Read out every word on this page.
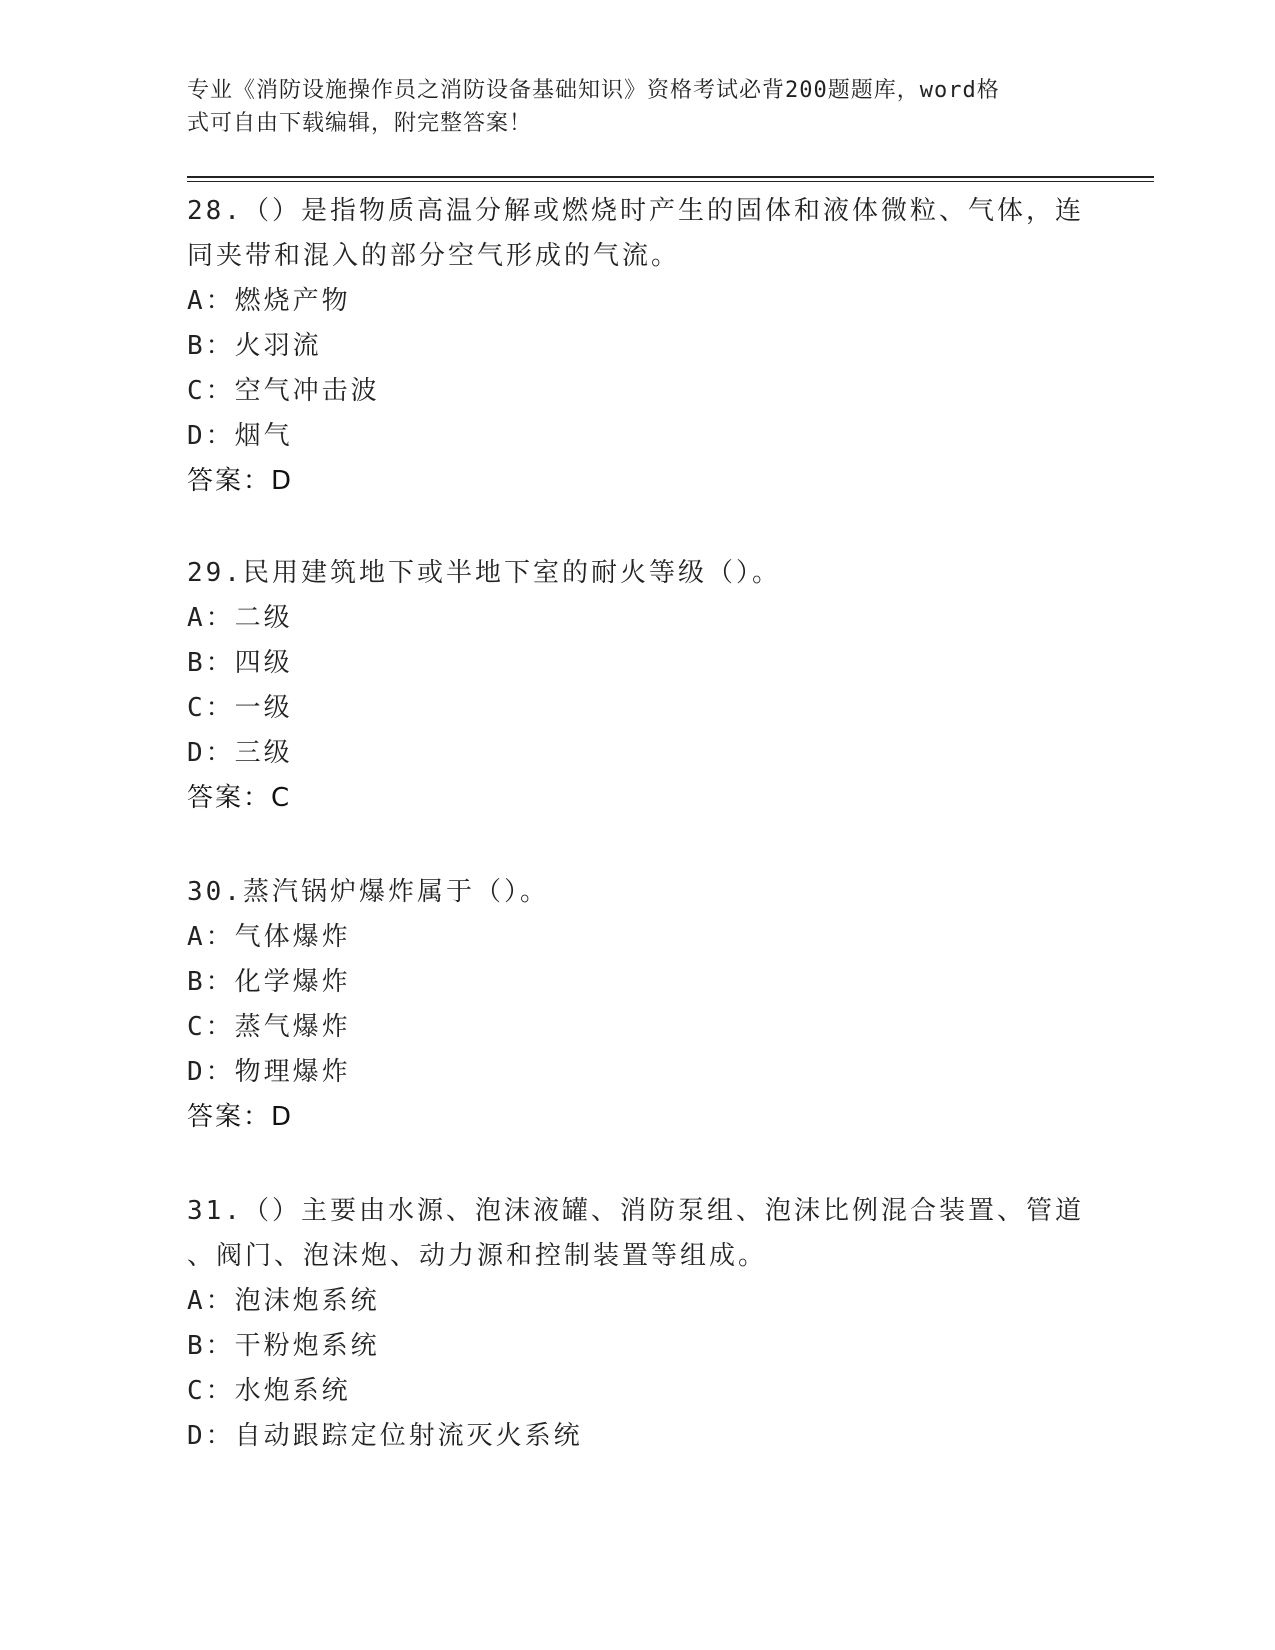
专业《消防设施操作员之消防设备基础知识》资格考试必背200题题库，word格
式可自由下载编辑，附完整答案！
28.（）是指物质高温分解或燃烧时产生的固体和液体微粒、气体，连
同夹带和混入的部分空气形成的气流。
A：燃烧产物
B：火羽流
C：空气冲击波
D：烟气
答案：D
29.民用建筑地下或半地下室的耐火等级（）。
A：二级
B：四级
C：一级
D：三级
答案：C
30.蒸汽锅炉爆炸属于（）。
A：气体爆炸
B：化学爆炸
C：蒸气爆炸
D：物理爆炸
答案：D
31.（）主要由水源、泡沫液罐、消防泵组、泡沫比例混合装置、管道
、阀门、泡沫炮、动力源和控制装置等组成。
A：泡沫炮系统
B：干粉炮系统
C：水炮系统
D：自动跟踪定位射流灭火系统
